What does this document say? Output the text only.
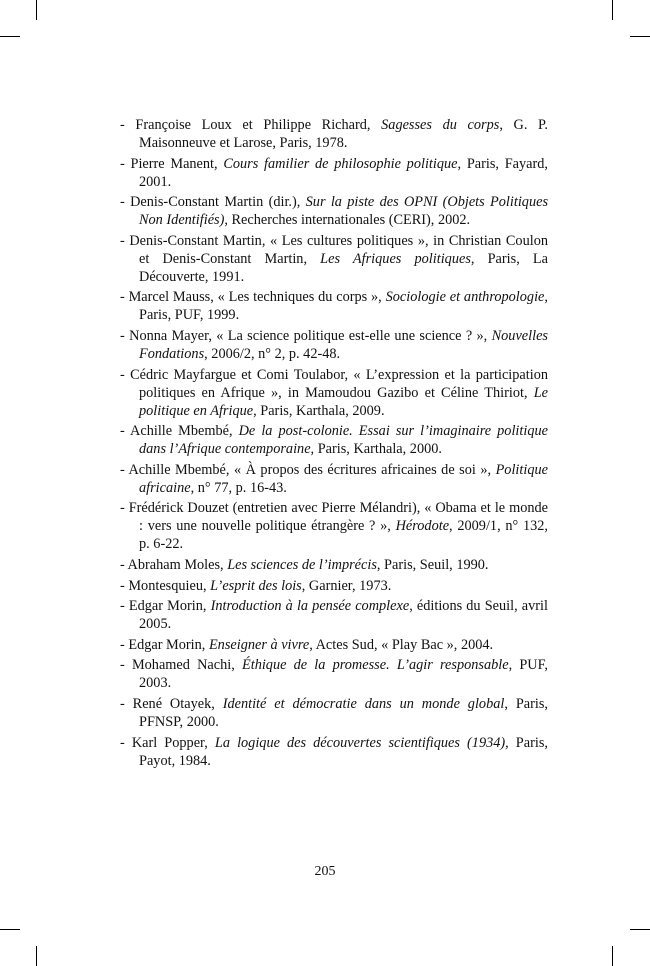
- Françoise Loux et Philippe Richard, Sagesses du corps, G. P. Maisonneuve et Larose, Paris, 1978.

- Pierre Manent, Cours familier de philosophie politique, Paris, Fayard, 2001.

- Denis-Constant Martin (dir.), Sur la piste des OPNI (Objets Politiques Non Identifiés), Recherches internationales (CERI), 2002.

- Denis-Constant Martin, « Les cultures politiques », in Christian Coulon et Denis-Constant Martin, Les Afriques politiques, Paris, La Découverte, 1991.

- Marcel Mauss, « Les techniques du corps », Sociologie et anthropologie, Paris, PUF, 1999.

- Nonna Mayer, « La science politique est-elle une science ? », Nouvelles Fondations, 2006/2, n° 2, p. 42-48.

- Cédric Mayfargue et Comi Toulabor, « L’expression et la participation politiques en Afrique », in Mamoudou Gazibo et Céline Thiriot, Le politique en Afrique, Paris, Karthala, 2009.

- Achille Mbembé, De la post-colonie. Essai sur l’imaginaire politique dans l’Afrique contemporaine, Paris, Karthala, 2000.

- Achille Mbembé, « À propos des écritures africaines de soi », Politique africaine, n° 77, p. 16-43.

- Frédérick Douzet (entretien avec Pierre Mélandri), « Obama et le monde : vers une nouvelle politique étrangère ? », Hérodote, 2009/1, n° 132, p. 6-22.

- Abraham Moles, Les sciences de l’imprécis, Paris, Seuil, 1990.

- Montesquieu, L’esprit des lois, Garnier, 1973.

- Edgar Morin, Introduction à la pensée complexe, éditions du Seuil, avril 2005.

- Edgar Morin, Enseigner à vivre, Actes Sud, « Play Bac », 2004.

- Mohamed Nachi, Éthique de la promesse. L’agir responsable, PUF, 2003.

- René Otayek, Identité et démocratie dans un monde global, Paris, PFNSP, 2000.

- Karl Popper, La logique des découvertes scientifiques (1934), Paris, Payot, 1984.

205
